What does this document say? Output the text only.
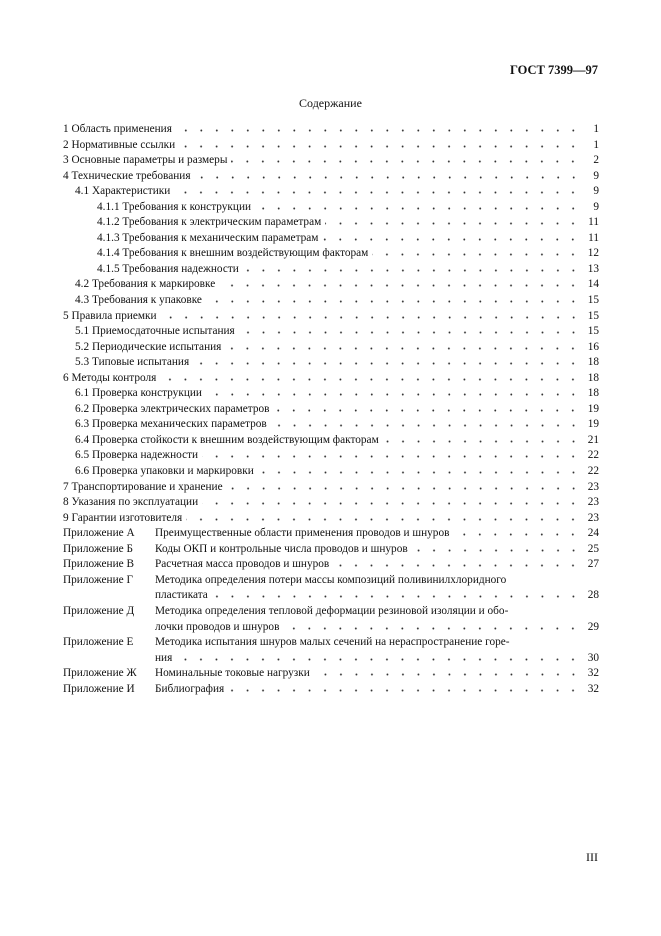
ГОСТ 7399—97
Содержание
1 Область применения	1
2 Нормативные ссылки	1
3 Основные параметры и размеры	2
4 Технические требования	9
4.1 Характеристики	9
4.1.1 Требования к конструкции	9
4.1.2 Требования к электрическим параметрам	11
4.1.3 Требования к механическим параметрам	11
4.1.4 Требования к внешним воздействующим факторам	12
4.1.5 Требования надежности	13
4.2 Требования к маркировке	14
4.3 Требования к упаковке	15
5 Правила приемки	15
5.1 Приемосдаточные испытания	15
5.2 Периодические испытания	16
5.3 Типовые испытания	18
6 Методы контроля	18
6.1 Проверка конструкции	18
6.2 Проверка электрических параметров	19
6.3 Проверка механических параметров	19
6.4 Проверка стойкости к внешним воздействующим факторам	21
6.5 Проверка надежности	22
6.6 Проверка упаковки и маркировки	22
7 Транспортирование и хранение	23
8 Указания по эксплуатации	23
9 Гарантии изготовителя	23
Приложение А	Преимущественные области применения проводов и шнуров	24
Приложение Б	Коды ОКП и контрольные числа проводов и шнуров	25
Приложение В	Расчетная масса проводов и шнуров	27
Приложение Г	Методика определения потери массы композиций поливинилхлоридного
пластиката	28
Приложение Д	Методика определения тепловой деформации резиновой изоляции и обо-
лочки проводов и шнуров	29
Приложение Е	Методика испытания шнуров малых сечений на нераспространение горе-
ния	30
Приложение Ж	Номинальные токовые нагрузки	32
Приложение И	Библиография	32
III
